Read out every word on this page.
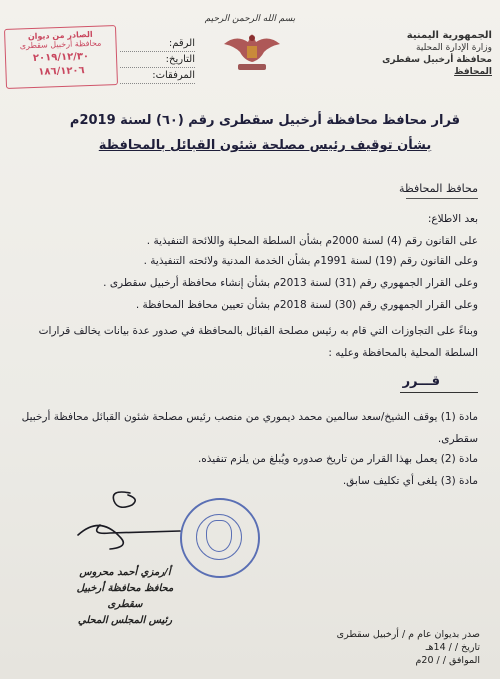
الجمهورية اليمنية
وزارة الإدارة المحلية
محافظة أرخبيل سقطرى
المحافظ
بسم الله الرحمن الرحيم
الرقم:
التاريخ:
المرفقات:
الصادر من ديوان
محافظة أرخبيل سقطرى
٢٠١٩/١٢/٣٠
١٨٦/١٢٠٦
قرار محافظ محافظة أرخبيل سقطرى رقم (٦٠) لسنة 2019م
بشأن توقيف رئيس مصلحة شئون القبائل بالمحافظة
محافظ المحافظة
بعد الاطلاع:
على القانون رقم (4) لسنة 2000م بشأن السلطة المحلية واللائحة التنفيذية .
وعلى القانون رقم (19) لسنة 1991م بشأن الخدمة المدنية ولائحته التنفيذية .
وعلى القرار الجمهوري رقم (31) لسنة 2013م بشأن إنشاء محافظة أرخبيل سقطرى .
وعلى القرار الجمهوري رقم (30) لسنة 2018م بشأن تعيين محافظ المحافظة .
وبناءً على التجاوزات التي قام به رئيس مصلحة القبائل بالمحافظة في صدور عدة بيانات يخالف قرارات السلطة المحلية بالمحافظة وعليه :
قـــرر
مادة (1) يوقف الشيخ/سعد سالمين محمد ديموري من منصب رئيس مصلحة شئون القبائل محافظة أرخبيل سقطرى.
مادة (2) يعمل بهذا القرار من تاريخ صدوره ويُبلغ من يلزم تنفيذه.
مادة (3) يلغى أي تكليف سابق.
أ/رمزي أحمد محروس
محافظ محافظة أرخبيل سقطرى
رئيس المجلس المحلي
صدر بديوان عام م / أرخبيل سقطرى
تاريخ / / 14هـ
الموافق / / 20م
